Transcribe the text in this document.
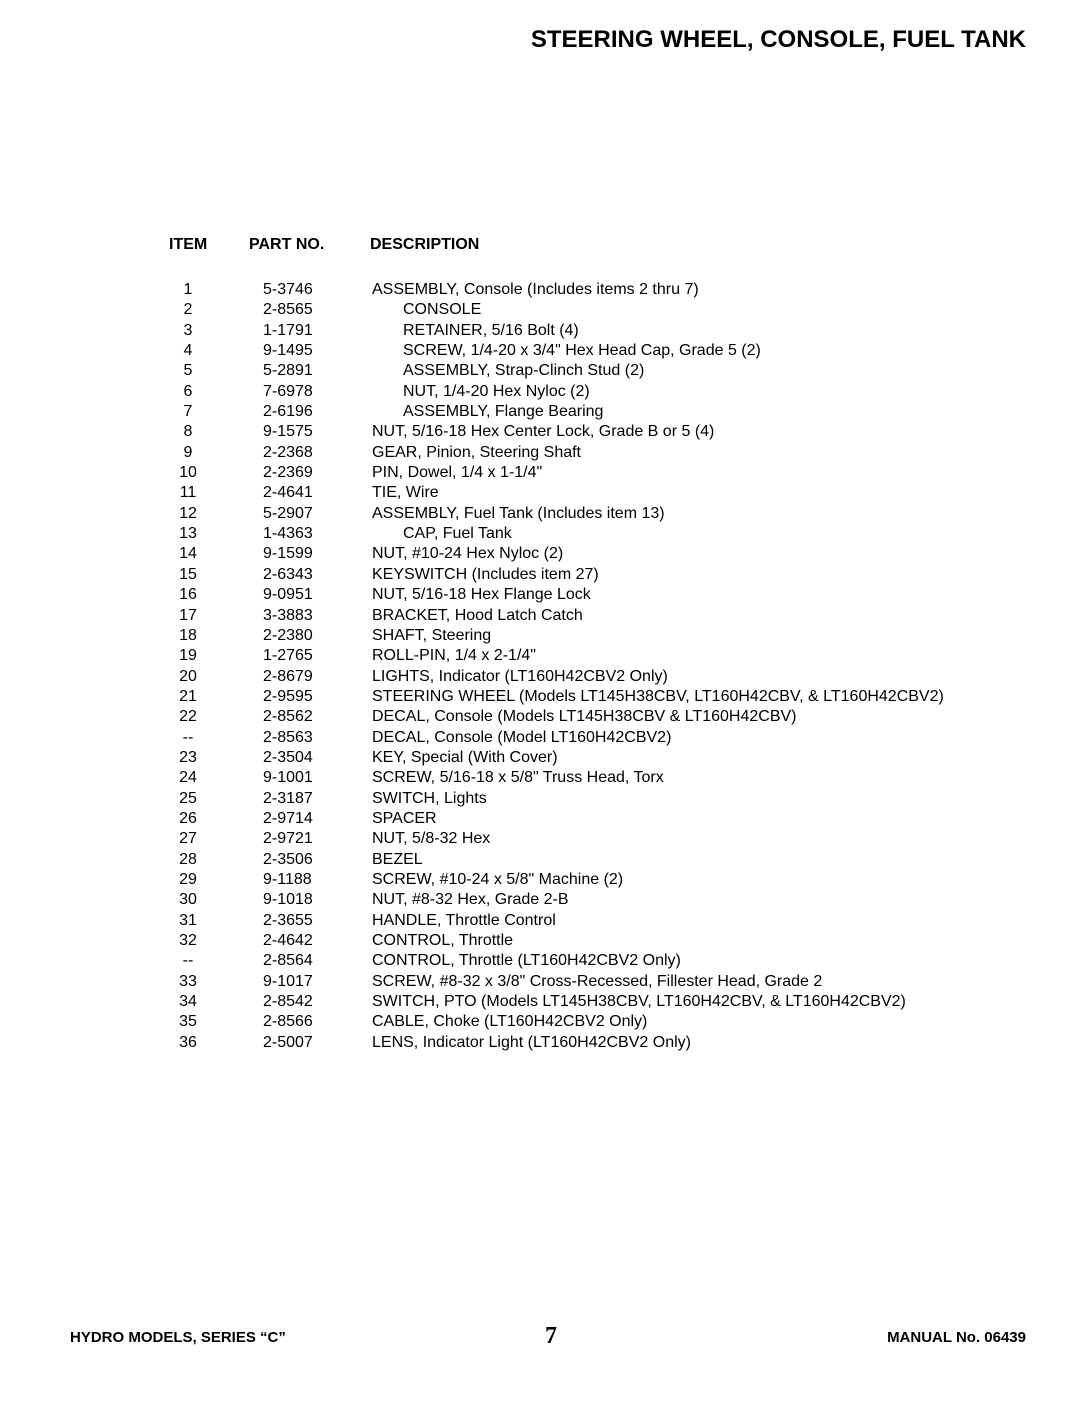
STEERING WHEEL, CONSOLE, FUEL TANK
ITEM	PART NO.	DESCRIPTION
1	5-3746	ASSEMBLY, Console (Includes items 2 thru 7)
2	2-8565	CONSOLE
3	1-1791	RETAINER, 5/16 Bolt (4)
4	9-1495	SCREW, 1/4-20 x 3/4" Hex Head Cap, Grade 5 (2)
5	5-2891	ASSEMBLY, Strap-Clinch Stud (2)
6	7-6978	NUT, 1/4-20 Hex Nyloc (2)
7	2-6196	ASSEMBLY, Flange Bearing
8	9-1575	NUT, 5/16-18 Hex Center Lock, Grade B or 5 (4)
9	2-2368	GEAR, Pinion, Steering Shaft
10	2-2369	PIN, Dowel, 1/4 x 1-1/4"
11	2-4641	TIE, Wire
12	5-2907	ASSEMBLY, Fuel Tank (Includes item 13)
13	1-4363	CAP, Fuel Tank
14	9-1599	NUT, #10-24 Hex Nyloc (2)
15	2-6343	KEYSWITCH (Includes item 27)
16	9-0951	NUT, 5/16-18 Hex Flange Lock
17	3-3883	BRACKET, Hood Latch Catch
18	2-2380	SHAFT, Steering
19	1-2765	ROLL-PIN, 1/4 x 2-1/4"
20	2-8679	LIGHTS, Indicator (LT160H42CBV2 Only)
21	2-9595	STEERING WHEEL (Models LT145H38CBV, LT160H42CBV, & LT160H42CBV2)
22	2-8562	DECAL, Console (Models LT145H38CBV & LT160H42CBV)
--	2-8563	DECAL, Console (Model LT160H42CBV2)
23	2-3504	KEY, Special (With Cover)
24	9-1001	SCREW, 5/16-18 x 5/8" Truss Head, Torx
25	2-3187	SWITCH, Lights
26	2-9714	SPACER
27	2-9721	NUT, 5/8-32 Hex
28	2-3506	BEZEL
29	9-1188	SCREW, #10-24 x 5/8" Machine (2)
30	9-1018	NUT, #8-32 Hex, Grade 2-B
31	2-3655	HANDLE, Throttle Control
32	2-4642	CONTROL, Throttle
--	2-8564	CONTROL, Throttle (LT160H42CBV2 Only)
33	9-1017	SCREW, #8-32 x 3/8" Cross-Recessed, Fillester Head, Grade 2
34	2-8542	SWITCH, PTO (Models LT145H38CBV, LT160H42CBV, & LT160H42CBV2)
35	2-8566	CABLE, Choke (LT160H42CBV2 Only)
36	2-5007	LENS, Indicator Light (LT160H42CBV2 Only)
HYDRO MODELS, SERIES “C”	7	MANUAL No. 06439
